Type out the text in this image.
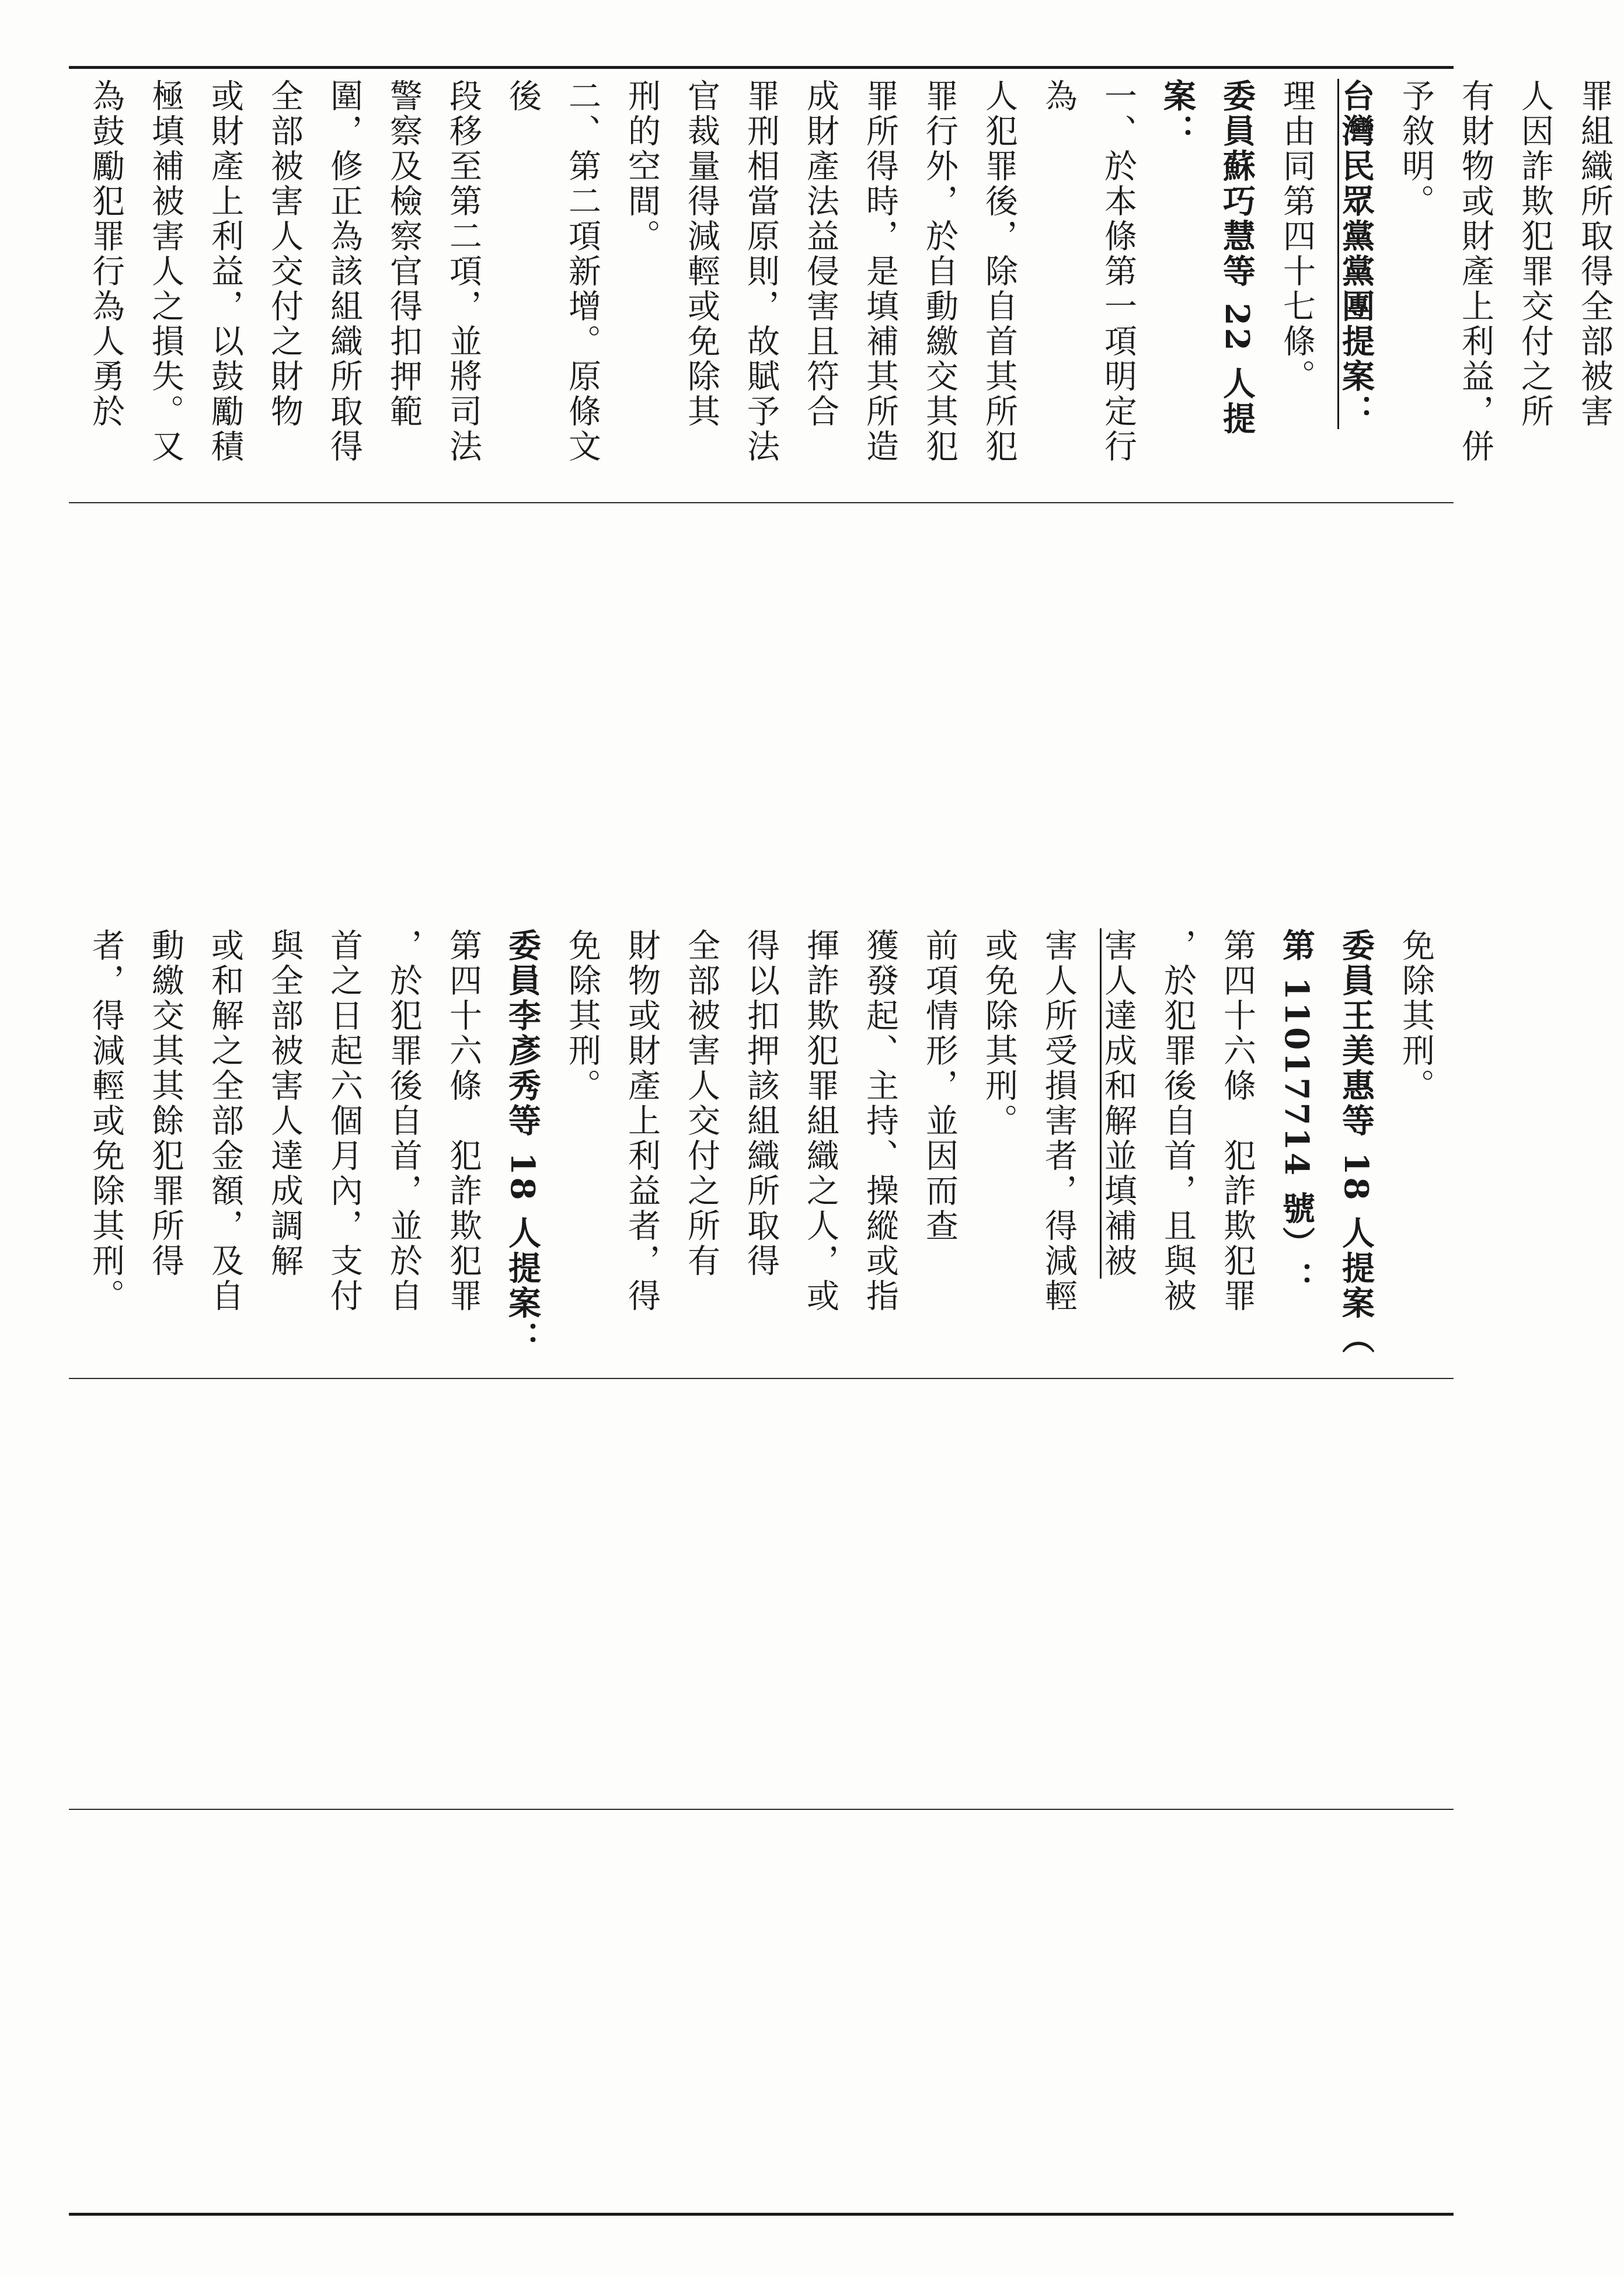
罪組織所取得全部被害

人因詐欺犯罪交付之所

有財物或財產上利益，併

予敘明。

台灣民眾黨黨團提案：

理由同第四十七條。

委員蘇巧慧等 22 人提案：

一、於本條第一項明定行為

人犯罪後，除自首其所犯

罪行外，於自動繳交其犯

罪所得時，是填補其所造

成財產法益侵害且符合

罪刑相當原則，故賦予法

官裁量得減輕或免除其

刑的空間。

二、第二項新增。原條文後

段移至第二項，並將司法

警察及檢察官得扣押範

圍，修正為該組織所取得

全部被害人交付之財物

或財產上利益，以鼓勵積

極填補被害人之損失。又

為鼓勵犯罪行為人勇於

免除其刑。

委員王美惠等 18 人提案（

第 11017714 號）：

第四十六條　犯詐欺犯罪

，於犯罪後自首，且與被

害人達成和解並填補被

害人所受損害者，得減輕

或免除其刑。

前項情形，並因而查

獲發起、主持、操縱或指

揮詐欺犯罪組織之人，或

得以扣押該組織所取得

全部被害人交付之所有

財物或財產上利益者，得

免除其刑。

委員李彥秀等 18 人提案：

第四十六條　犯詐欺犯罪

，於犯罪後自首，並於自

首之日起六個月內，支付

與全部被害人達成調解

或和解之全部金額，及自

動繳交其其餘犯罪所得

者，得減輕或免除其刑。
